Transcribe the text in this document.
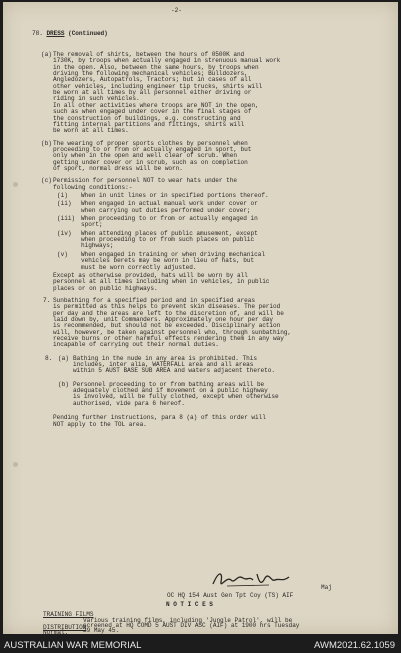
-2-

78. DRESS (Continued)

Maj

OC HQ 154 Aust Gen Tpt Coy (TS) AIF

(a) The removal of shirts, between the hours of 0500K and

1730K, by troops when actually engaged in strenuous manual work

in the open. Also, between the same hours, by troops when

driving the following mechanical vehicles; Bulldozers,

Angledozers, Autopatrols, Tractors; but in cases of all

other vehicles, including engineer tip trucks, shirts will

be worn at all times by all personnel either driving or

riding in such vehicles.

In all other activities where troops are NOT in the open,

such as when engaged under cover in the final stages of

the construction of buildings, e.g. constructing and

fitting internal partitions and fittings, shirts will

be worn at all times.

(b) The wearing of proper sports clothes by personnel when

proceeding to or from or actually engaged in sport, but

only when in the open and well clear of scrub. When

getting under cover or in scrub, such as on completion

of sport, normal dress will be worn.

(c) Permission for personnel NOT to wear hats under the

following conditions:-

(i) When in unit lines or in specified portions thereof.

(ii) When engaged in actual manual work under cover or

when carrying out duties performed under cover;

(iii) When proceeding to or from or actually engaged in

sport;

(iv) When attending places of public amusement, except

when proceeding to or from such places on public

highways;

(v) When engaged in training or when driving mechanical

vehicles berets may be worn in lieu of hats, but

must be worn correctly adjusted.

Except as otherwise provided, hats will be worn by all

personnel at all times including when in vehicles, in public

places or on public highways.

7. Sunbathing for a specified period and in specified areas

is permitted as this helps to prevent skin diseases. The period

per day and the areas are left to the discretion of, and will be

laid down by, unit Commanders. Approximately one hour per day

is recommended, but should not be exceeded. Disciplinary action

will, however, be taken against personnel who, through sunbathing,

receive burns or other harmful effects rendering them in any way

incapable of carrying out their normal duties.

8. (a) Bathing in the nude in any area is prohibited. This

includes, inter alia, WATERFALL area and all areas

within 5 AUST BASE SUB AREA and waters adjacent thereto.

(b) Personnel proceeding to or from bathing areas will be

adequately clothed and if movement on a public highway

is involved, will be fully clothed, except when otherwise

authorised, vide para 6 hereof.

Pending further instructions, para 8 (a) of this order will

NOT apply to the TOL area.

N O T I C E S

TRAINING FILMS

Various training films, including 'Jungle Patrol', will be

screened at HQ COMD 5 AUST DIV ASC (AIF) at 1900 hrs Tuesday

29 May 45.

DISTRIBUTION

Normal.

AUSTRALIAN WAR MEMORIAL	AWM2021.62.1059
